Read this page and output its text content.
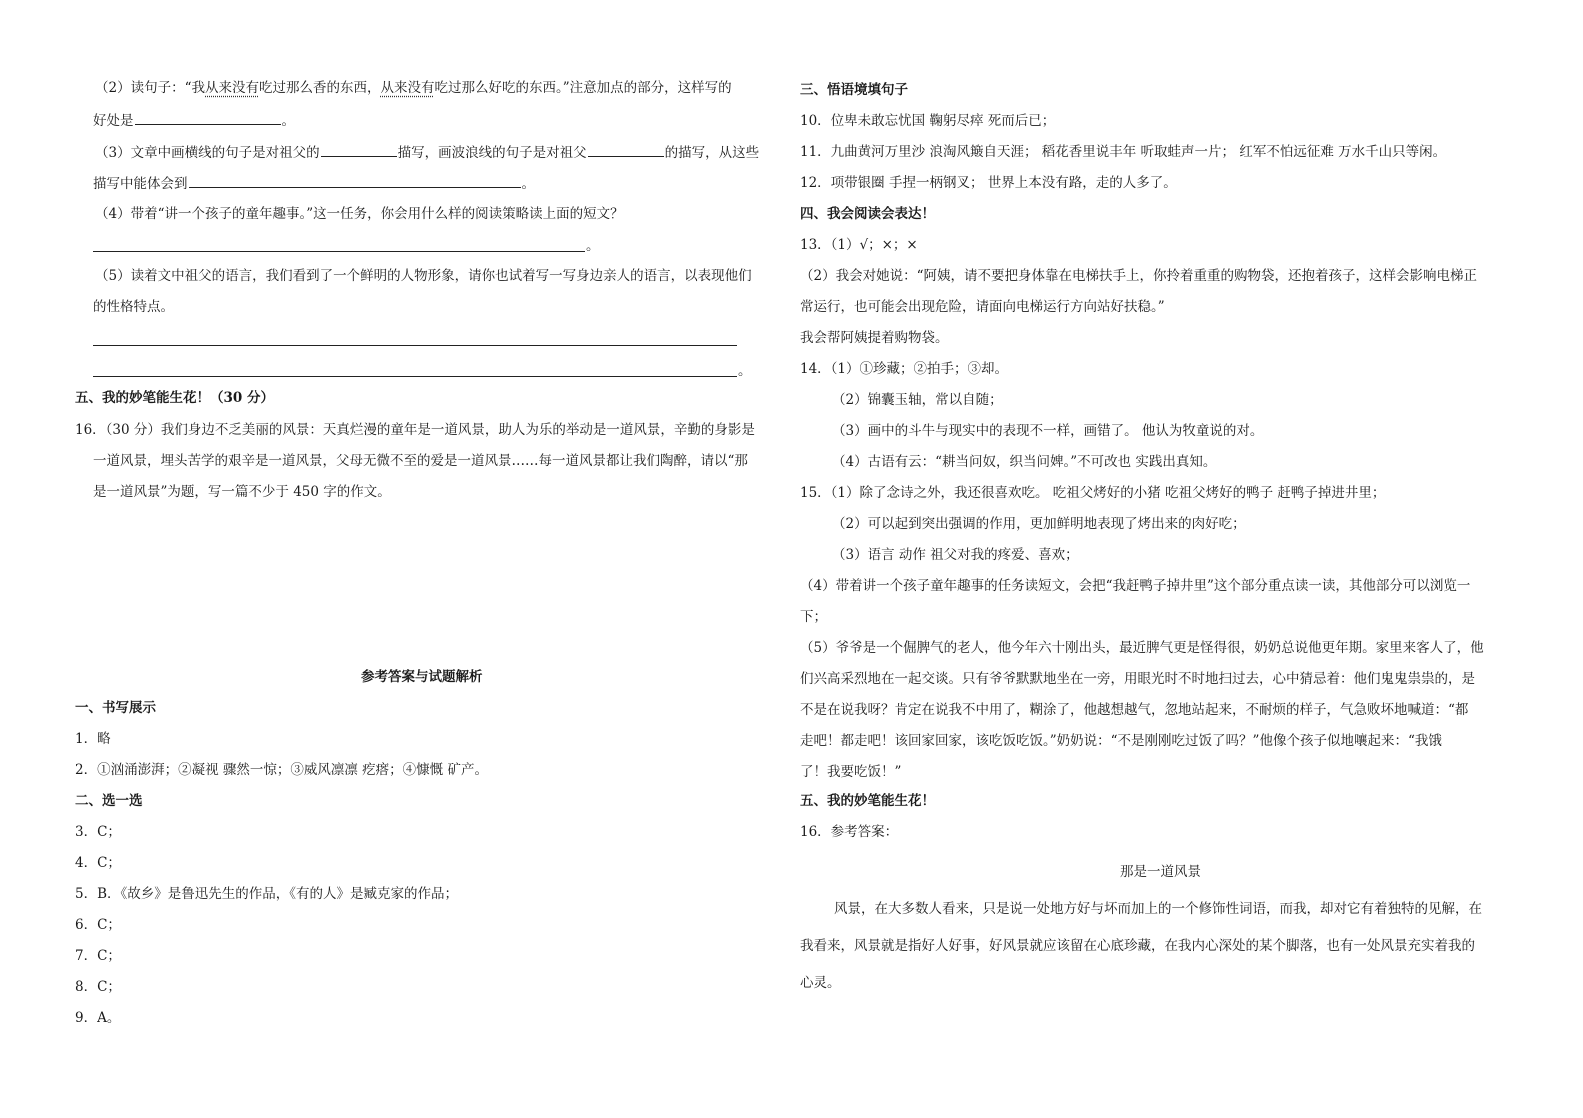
（2）读句子：“我从来没有吃过那么香的东西，从来没有吃过那么好吃的东西。”注意加点的部分，这样写的
好处是	。
（3）文章中画横线的句子是对祖父的	描写，画波浪线的句子是对祖父	的描写，从这些
描写中能体会到	。
（4）带着“讲一个孩子的童年趣事。”这一任务，你会用什么样的阅读策略读上面的短文？
。
（5）读着文中祖父的语言，我们看到了一个鲜明的人物形象，请你也试着写一写身边亲人的语言，以表现他们
的性格特点。
。
五、我的妙笔能生花！（30 分）
16．（30 分）我们身边不乏美丽的风景：天真烂漫的童年是一道风景，助人为乐的举动是一道风景，辛勤的身影是
一道风景，埋头苦学的艰辛是一道风景，父母无微不至的爱是一道风景……每一道风景都让我们陶醉，请以“那
是一道风景”为题，写一篇不少于 450 字的作文。
参考答案与试题解析
一、书写展示
1．略
2．①汹涌澎湃；②凝视 骤然一惊；③威风凛凛 疙瘩；④慷慨 矿产。
二、选一选
3．C；
4．C；
5．B．《故乡》是鲁迅先生的作品，《有的人》是臧克家的作品；
6．C；
7．C；
8．C；
9．A。
三、悟语境填句子
10．位卑未敢忘忧国 鞠躬尽瘁 死而后已；
11．九曲黄河万里沙 浪淘风簸自天涯； 稻花香里说丰年 听取蛙声一片； 红军不怕远征难 万水千山只等闲。
12．项带银圈 手捏一柄钢叉； 世界上本没有路，走的人多了。
四、我会阅读会表达！
13．（1）√；×；×
（2）我会对她说：“阿姨，请不要把身体靠在电梯扶手上，你拎着重重的购物袋，还抱着孩子，这样会影响电梯正
常运行，也可能会出现危险，请面向电梯运行方向站好扶稳。”
我会帮阿姨提着购物袋。
14．（1）①珍藏；②拍手；③却。
（2）锦囊玉轴，常以自随；
（3）画中的斗牛与现实中的表现不一样，画错了。 他认为牧童说的对。
（4）古语有云：“耕当问奴，织当问婢。”不可改也 实践出真知。
15．（1）除了念诗之外，我还很喜欢吃。 吃祖父烤好的小猪 吃祖父烤好的鸭子 赶鸭子掉进井里；
（2）可以起到突出强调的作用，更加鲜明地表现了烤出来的肉好吃；
（3）语言 动作 祖父对我的疼爱、喜欢；
（4）带着讲一个孩子童年趣事的任务读短文，会把“我赶鸭子掉井里”这个部分重点读一读，其他部分可以浏览一
下；
（5）爷爷是一个倔脾气的老人，他今年六十刚出头，最近脾气更是怪得很，奶奶总说他更年期。家里来客人了，他
们兴高采烈地在一起交谈。只有爷爷默默地坐在一旁，用眼光时不时地扫过去，心中猜忌着：他们鬼鬼祟祟的，是
不是在说我呀？肯定在说我不中用了，糊涂了，他越想越气，忽地站起来，不耐烦的样子，气急败坏地喊道：“都
走吧！都走吧！该回家回家，该吃饭吃饭。”奶奶说：“不是刚刚吃过饭了吗？”他像个孩子似地嚷起来：“我饿
了！我要吃饭！”
五、我的妙笔能生花！
16．参考答案：
那是一道风景
风景，在大多数人看来，只是说一处地方好与坏而加上的一个修饰性词语，而我，却对它有着独特的见解，在
我看来，风景就是指好人好事，好风景就应该留在心底珍藏，在我内心深处的某个脚落，也有一处风景充实着我的
心灵。
